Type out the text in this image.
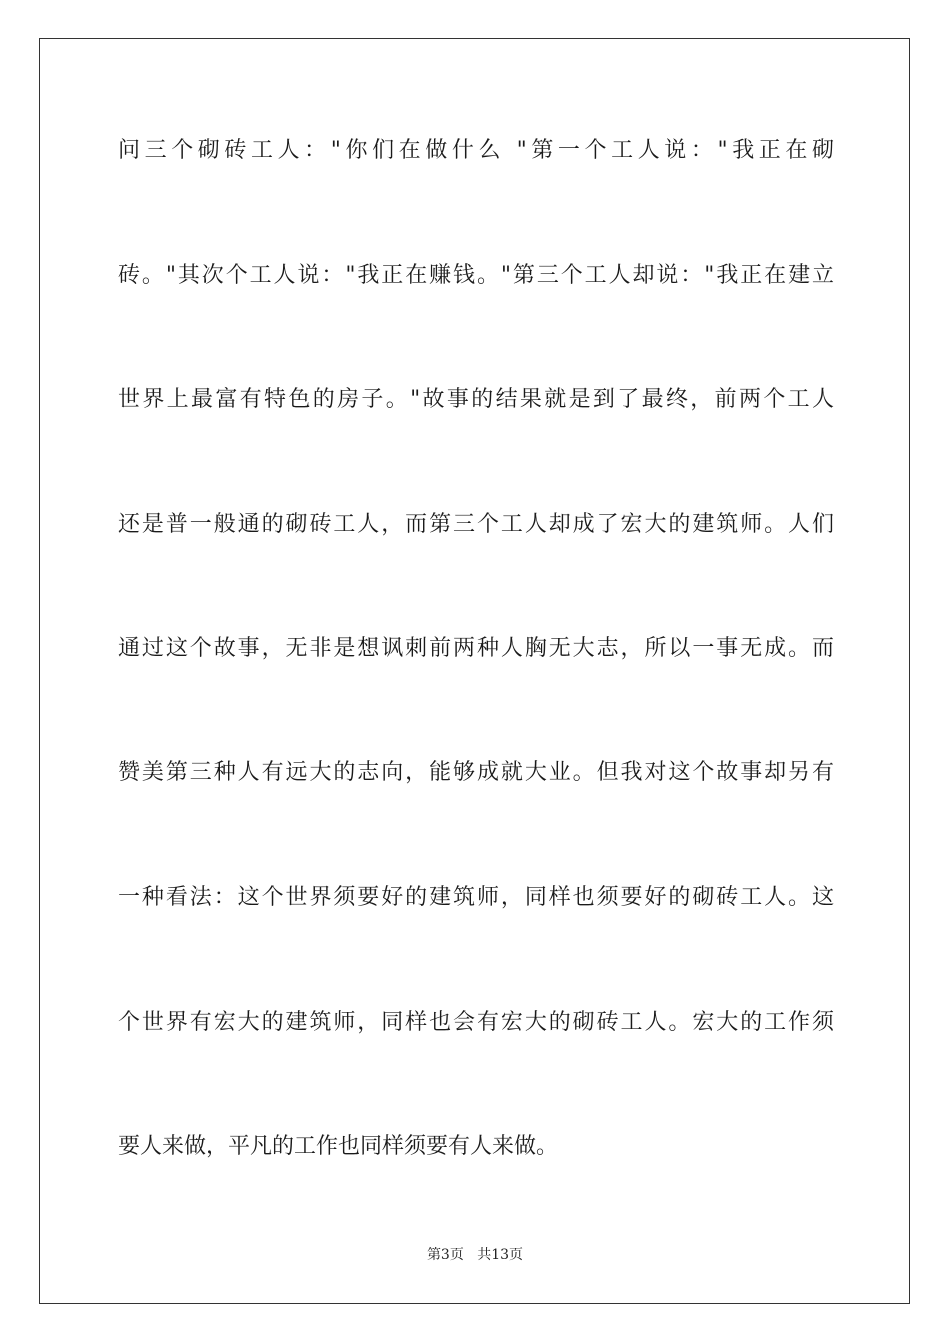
问三个砌砖工人："你们在做什么 "第一个工人说："我正在砌
砖。"其次个工人说："我正在赚钱。"第三个工人却说："我正在建立
世界上最富有特色的房子。"故事的结果就是到了最终，前两个工人
还是普一般通的砌砖工人，而第三个工人却成了宏大的建筑师。人们
通过这个故事，无非是想讽刺前两种人胸无大志，所以一事无成。而
赞美第三种人有远大的志向，能够成就大业。但我对这个故事却另有
一种看法：这个世界须要好的建筑师，同样也须要好的砌砖工人。这
个世界有宏大的建筑师，同样也会有宏大的砌砖工人。宏大的工作须
要人来做，平凡的工作也同样须要有人来做。
第3页 共13页
